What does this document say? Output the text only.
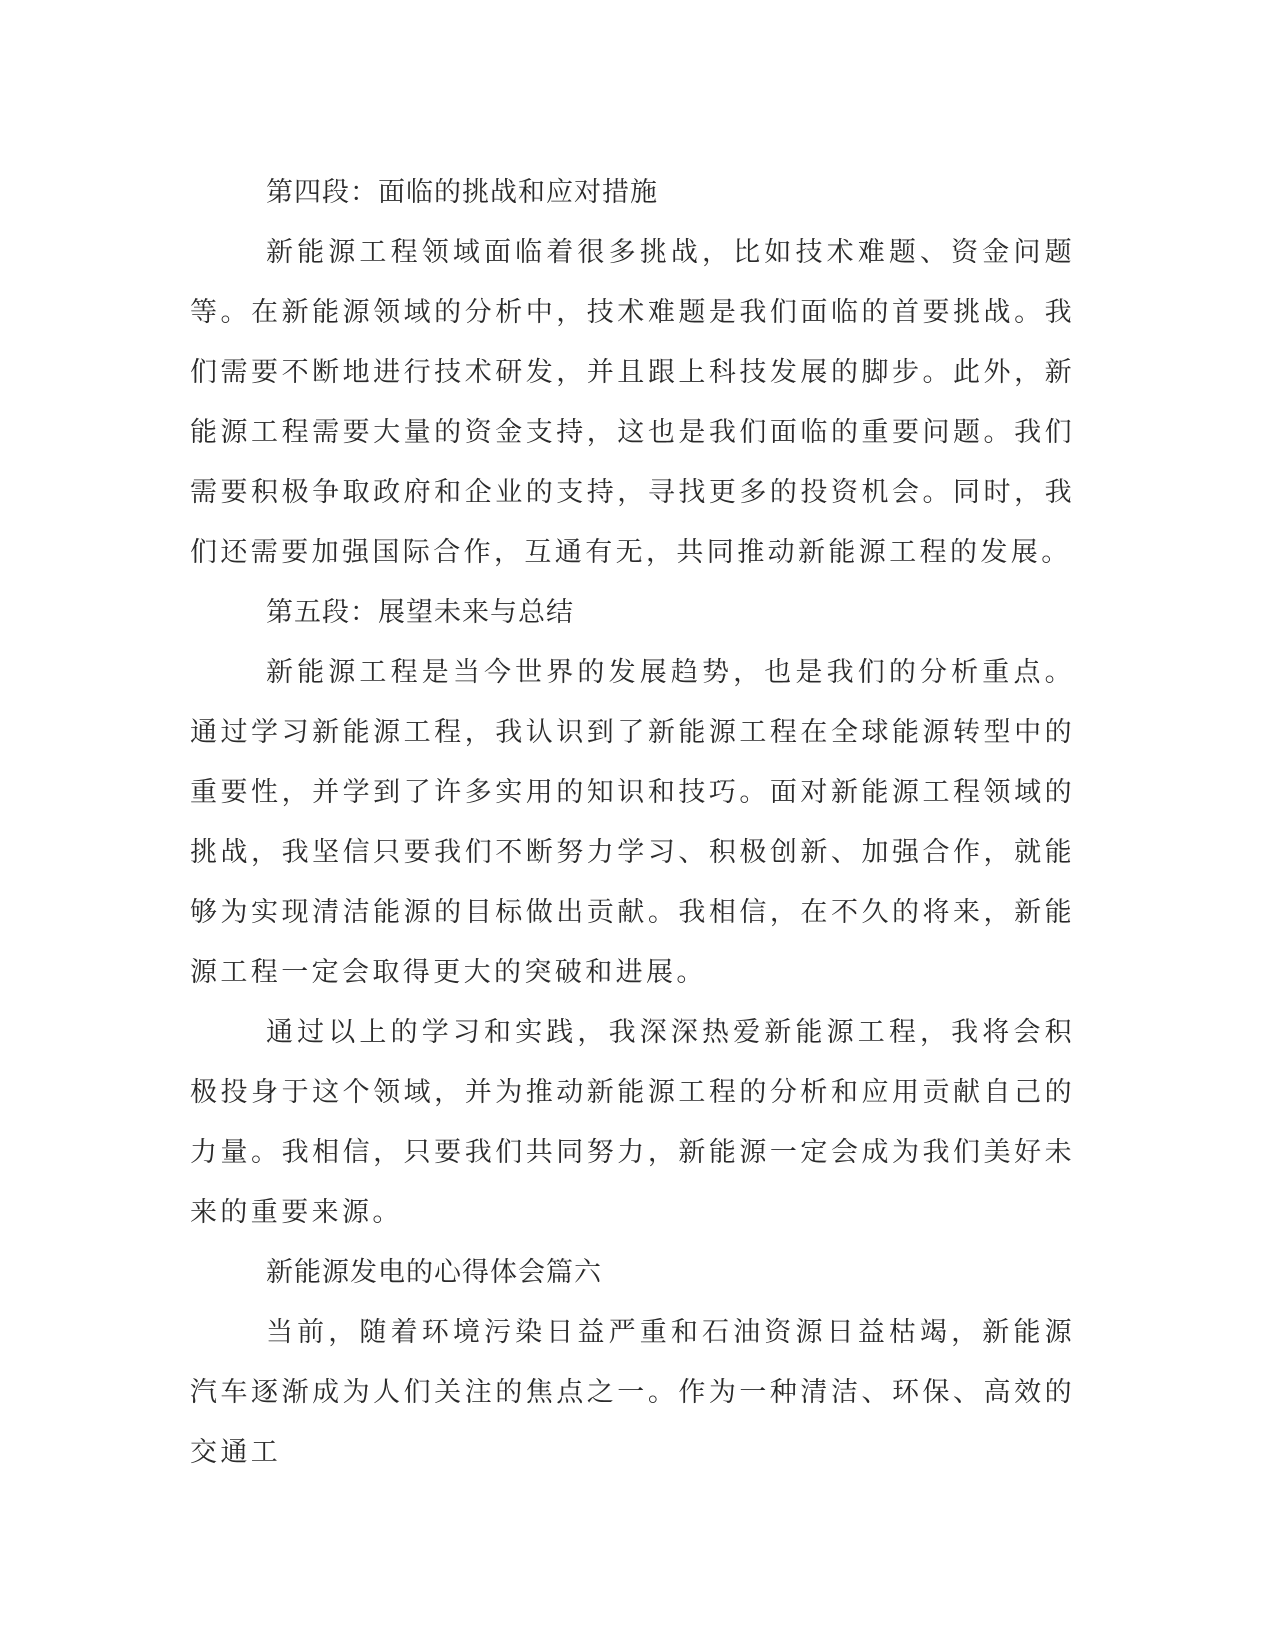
第四段：面临的挑战和应对措施

新能源工程领域面临着很多挑战，比如技术难题、资金问题等。在新能源领域的分析中，技术难题是我们面临的首要挑战。我们需要不断地进行技术研发，并且跟上科技发展的脚步。此外，新能源工程需要大量的资金支持，这也是我们面临的重要问题。我们需要积极争取政府和企业的支持，寻找更多的投资机会。同时，我们还需要加强国际合作，互通有无，共同推动新能源工程的发展。

第五段：展望未来与总结

新能源工程是当今世界的发展趋势，也是我们的分析重点。通过学习新能源工程，我认识到了新能源工程在全球能源转型中的重要性，并学到了许多实用的知识和技巧。面对新能源工程领域的挑战，我坚信只要我们不断努力学习、积极创新、加强合作，就能够为实现清洁能源的目标做出贡献。我相信，在不久的将来，新能源工程一定会取得更大的突破和进展。

通过以上的学习和实践，我深深热爱新能源工程，我将会积极投身于这个领域，并为推动新能源工程的分析和应用贡献自己的力量。我相信，只要我们共同努力，新能源一定会成为我们美好未来的重要来源。

新能源发电的心得体会篇六

当前，随着环境污染日益严重和石油资源日益枯竭，新能源汽车逐渐成为人们关注的焦点之一。作为一种清洁、环保、高效的交通工
